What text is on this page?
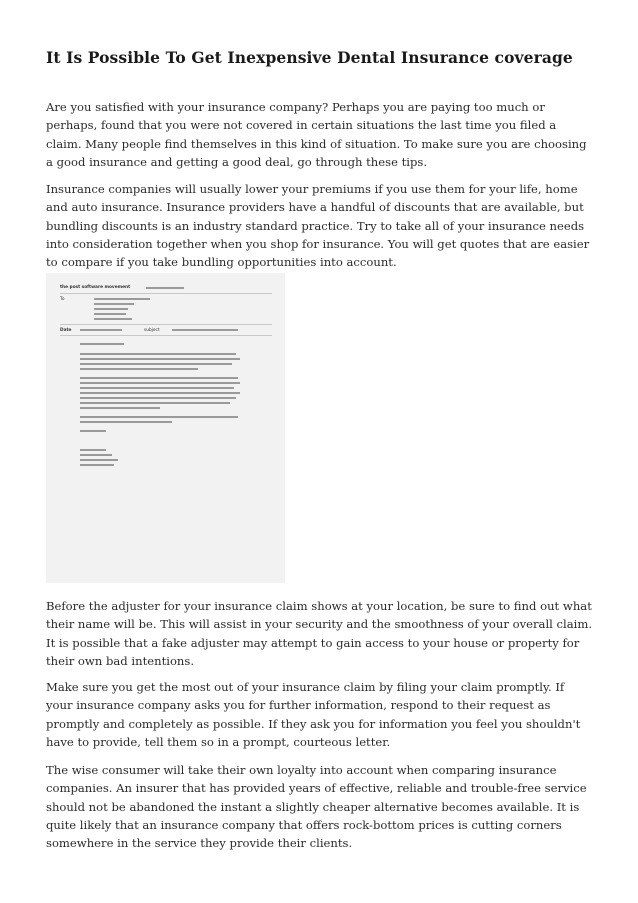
It Is Possible To Get Inexpensive Dental Insurance coverage

Are you satisfied with your insurance company? Perhaps you are paying too much or perhaps, found that you were not covered in certain situations the last time you filed a claim. Many people find themselves in this kind of situation. To make sure you are choosing a good insurance and getting a good deal, go through these tips.

Insurance companies will usually lower your premiums if you use them for your life, home and auto insurance. Insurance providers have a handful of discounts that are available, but bundling discounts is an industry standard practice. Try to take all of your insurance needs into consideration together when you shop for insurance. You will get quotes that are easier to compare if you take bundling opportunities into account.

the post software movement
To
Date	subject

Before the adjuster for your insurance claim shows at your location, be sure to find out what their name will be. This will assist in your security and the smoothness of your overall claim. It is possible that a fake adjuster may attempt to gain access to your house or property for their own bad intentions.

Make sure you get the most out of your insurance claim by filing your claim promptly. If your insurance company asks you for further information, respond to their request as promptly and completely as possible. If they ask you for information you feel you shouldn't have to provide, tell them so in a prompt, courteous letter.

The wise consumer will take their own loyalty into account when comparing insurance companies. An insurer that has provided years of effective, reliable and trouble-free service should not be abandoned the instant a slightly cheaper alternative becomes available. It is quite likely that an insurance company that offers rock-bottom prices is cutting corners somewhere in the service they provide their clients.
